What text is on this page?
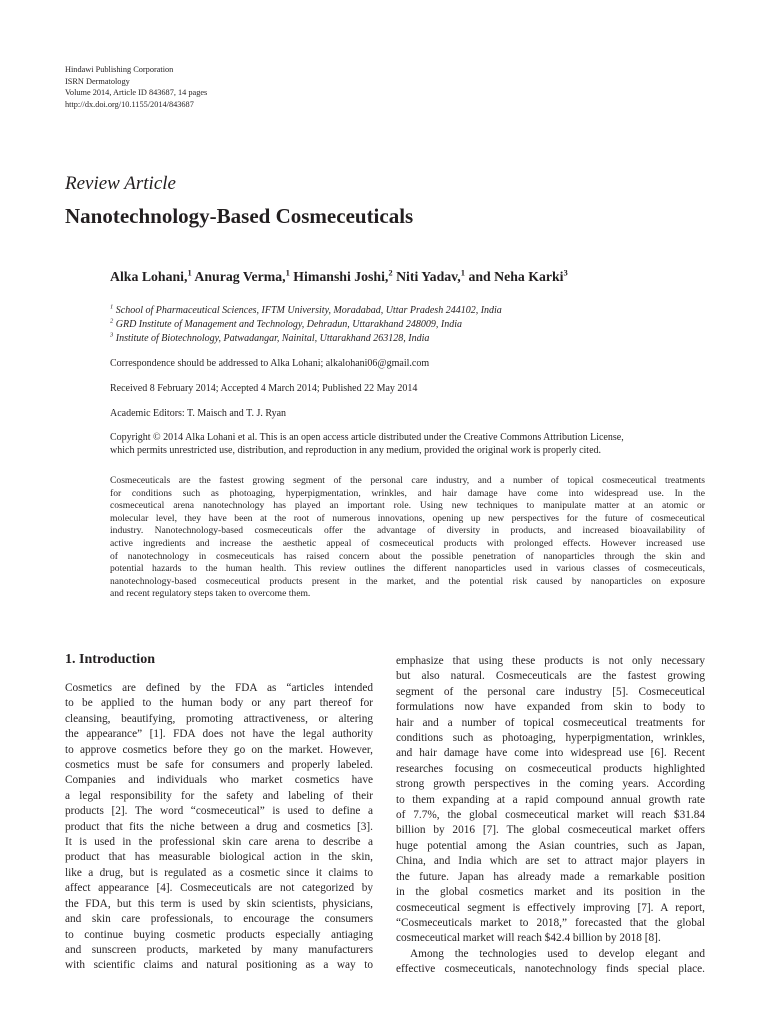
Hindawi Publishing Corporation
ISRN Dermatology
Volume 2014, Article ID 843687, 14 pages
http://dx.doi.org/10.1155/2014/843687
Review Article
Nanotechnology-Based Cosmeceuticals
Alka Lohani,$^1$ Anurag Verma,$^1$ Himanshi Joshi,$^2$ Niti Yadav,$^1$ and Neha Karki$^3$
$^1$ School of Pharmaceutical Sciences, IFTM University, Moradabad, Uttar Pradesh 244102, India
$^2$ GRD Institute of Management and Technology, Dehradun, Uttarakhand 248009, India
$^3$ Institute of Biotechnology, Patwadangar, Nainital, Uttarakhand 263128, India
Correspondence should be addressed to Alka Lohani; alkalohani06@gmail.com
Received 8 February 2014; Accepted 4 March 2014; Published 22 May 2014
Academic Editors: T. Maisch and T. J. Ryan
Copyright © 2014 Alka Lohani et al. This is an open access article distributed under the Creative Commons Attribution License,
which permits unrestricted use, distribution, and reproduction in any medium, provided the original work is properly cited.
Cosmeceuticals are the fastest growing segment of the personal care industry, and a number of topical cosmeceutical treatments
for conditions such as photoaging, hyperpigmentation, wrinkles, and hair damage have come into widespread use. In the
cosmeceutical arena nanotechnology has played an important role. Using new techniques to manipulate matter at an atomic or
molecular level, they have been at the root of numerous innovations, opening up new perspectives for the future of cosmeceutical
industry. Nanotechnology-based cosmeceuticals offer the advantage of diversity in products, and increased bioavailability of
active ingredients and increase the aesthetic appeal of cosmeceutical products with prolonged effects. However increased use
of nanotechnology in cosmeceuticals has raised concern about the possible penetration of nanoparticles through the skin and
potential hazards to the human health. This review outlines the different nanoparticles used in various classes of cosmeceuticals,
nanotechnology-based cosmeceutical products present in the market, and the potential risk caused by nanoparticles on exposure
and recent regulatory steps taken to overcome them.
1. Introduction
Cosmetics are defined by the FDA as “articles intended
to be applied to the human body or any part thereof for
cleansing, beautifying, promoting attractiveness, or altering
the appearance” [1]. FDA does not have the legal authority
to approve cosmetics before they go on the market. However,
cosmetics must be safe for consumers and properly labeled.
Companies and individuals who market cosmetics have
a legal responsibility for the safety and labeling of their
products [2]. The word “cosmeceutical” is used to define a
product that fits the niche between a drug and cosmetics [3].
It is used in the professional skin care arena to describe a
product that has measurable biological action in the skin,
like a drug, but is regulated as a cosmetic since it claims to
affect appearance [4]. Cosmeceuticals are not categorized by
the FDA, but this term is used by skin scientists, physicians,
and skin care professionals, to encourage the consumers
to continue buying cosmetic products especially antiaging
and sunscreen products, marketed by many manufacturers
with scientific claims and natural positioning as a way to
emphasize that using these products is not only necessary
but also natural. Cosmeceuticals are the fastest growing
segment of the personal care industry [5]. Cosmeceutical
formulations now have expanded from skin to body to
hair and a number of topical cosmeceutical treatments for
conditions such as photoaging, hyperpigmentation, wrinkles,
and hair damage have come into widespread use [6]. Recent
researches focusing on cosmeceutical products highlighted
strong growth perspectives in the coming years. According
to them expanding at a rapid compound annual growth rate
of 7.7%, the global cosmeceutical market will reach $31.84
billion by 2016 [7]. The global cosmeceutical market offers
huge potential among the Asian countries, such as Japan,
China, and India which are set to attract major players in
the future. Japan has already made a remarkable position
in the global cosmetics market and its position in the
cosmeceutical segment is effectively improving [7]. A report,
“Cosmeceuticals market to 2018,” forecasted that the global
cosmeceutical market will reach $42.4 billion by 2018 [8].
Among the technologies used to develop elegant and
effective cosmeceuticals, nanotechnology finds special place.
